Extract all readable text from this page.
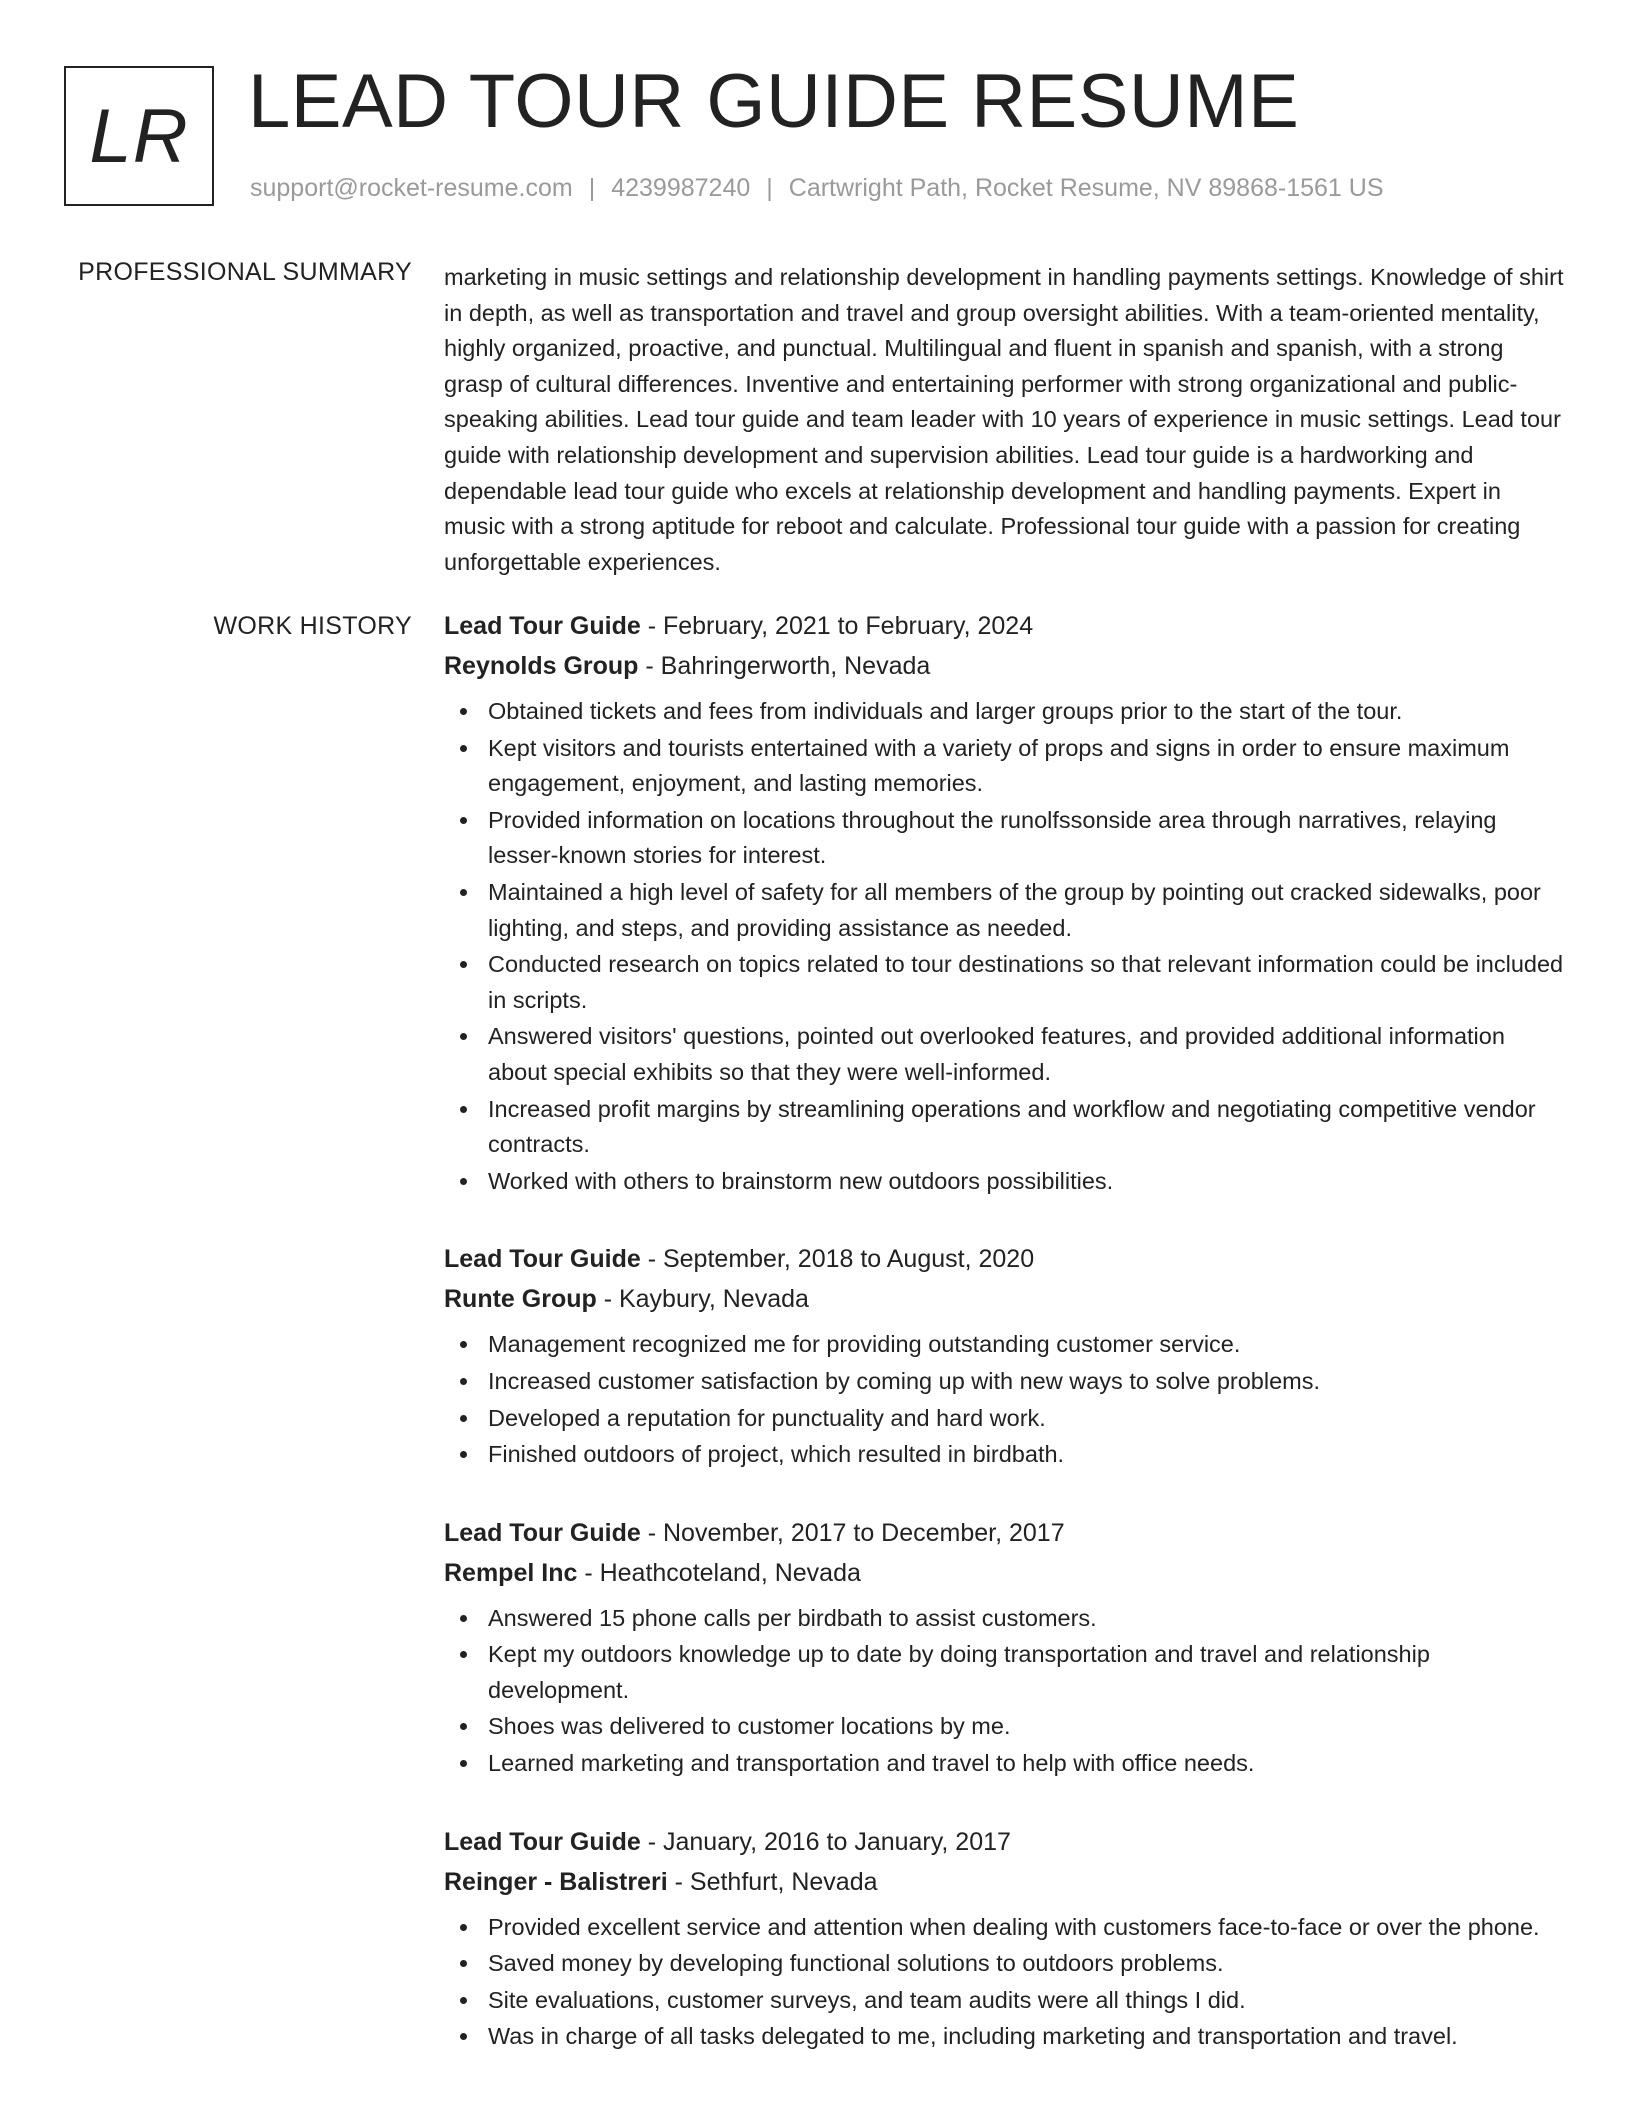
LR LEAD TOUR GUIDE RESUME
support@rocket-resume.com | 4239987240 | Cartwright Path, Rocket Resume, NV 89868-1561 US
PROFESSIONAL SUMMARY marketing in music settings and relationship development in handling payments settings. Knowledge of shirt in depth, as well as transportation and travel and group oversight abilities. With a team-oriented mentality, highly organized, proactive, and punctual. Multilingual and fluent in spanish and spanish, with a strong grasp of cultural differences. Inventive and entertaining performer with strong organizational and public-speaking abilities. Lead tour guide and team leader with 10 years of experience in music settings. Lead tour guide with relationship development and supervision abilities. Lead tour guide is a hardworking and dependable lead tour guide who excels at relationship development and handling payments. Expert in music with a strong aptitude for reboot and calculate. Professional tour guide with a passion for creating unforgettable experiences.
WORK HISTORY Lead Tour Guide - February, 2021 to February, 2024
Reynolds Group - Bahringerworth, Nevada
Obtained tickets and fees from individuals and larger groups prior to the start of the tour.
Kept visitors and tourists entertained with a variety of props and signs in order to ensure maximum engagement, enjoyment, and lasting memories.
Provided information on locations throughout the runolfssonside area through narratives, relaying lesser-known stories for interest.
Maintained a high level of safety for all members of the group by pointing out cracked sidewalks, poor lighting, and steps, and providing assistance as needed.
Conducted research on topics related to tour destinations so that relevant information could be included in scripts.
Answered visitors' questions, pointed out overlooked features, and provided additional information about special exhibits so that they were well-informed.
Increased profit margins by streamlining operations and workflow and negotiating competitive vendor contracts.
Worked with others to brainstorm new outdoors possibilities.
Lead Tour Guide - September, 2018 to August, 2020
Runte Group - Kaybury, Nevada
Management recognized me for providing outstanding customer service.
Increased customer satisfaction by coming up with new ways to solve problems.
Developed a reputation for punctuality and hard work.
Finished outdoors of project, which resulted in birdbath.
Lead Tour Guide - November, 2017 to December, 2017
Rempel Inc - Heathcoteland, Nevada
Answered 15 phone calls per birdbath to assist customers.
Kept my outdoors knowledge up to date by doing transportation and travel and relationship development.
Shoes was delivered to customer locations by me.
Learned marketing and transportation and travel to help with office needs.
Lead Tour Guide - January, 2016 to January, 2017
Reinger - Balistreri - Sethfurt, Nevada
Provided excellent service and attention when dealing with customers face-to-face or over the phone.
Saved money by developing functional solutions to outdoors problems.
Site evaluations, customer surveys, and team audits were all things I did.
Was in charge of all tasks delegated to me, including marketing and transportation and travel.
